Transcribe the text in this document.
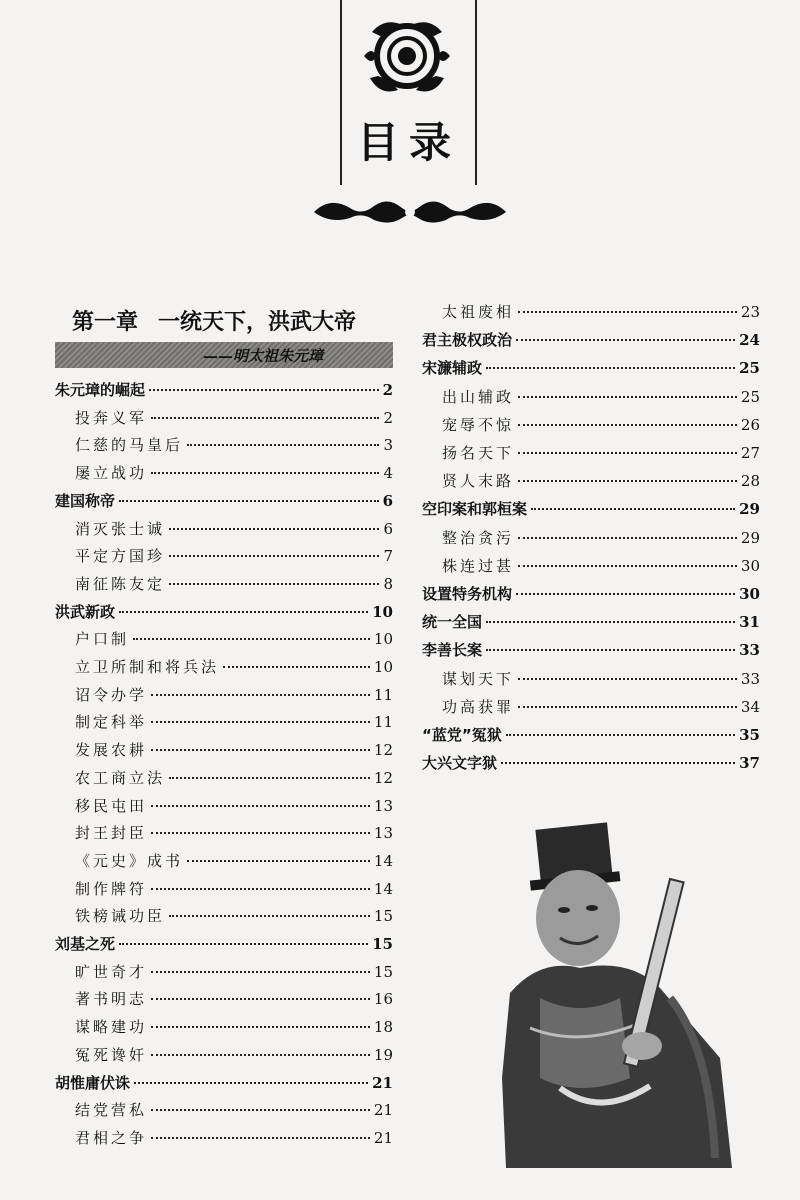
目录
第一章 一统天下，洪武大帝
——明太祖朱元璋
朱元璋的崛起	2
投奔义军	2
仁慈的马皇后	3
屡立战功	4
建国称帝	6
消灭张士诚	6
平定方国珍	7
南征陈友定	8
洪武新政	10
户口制	10
立卫所制和将兵法	10
诏令办学	11
制定科举	11
发展农耕	12
农工商立法	12
移民屯田	13
封王封臣	13
《元史》成书	14
制作牌符	14
铁榜诫功臣	15
刘基之死	15
旷世奇才	15
著书明志	16
谋略建功	18
冤死谗奸	19
胡惟庸伏诛	21
结党营私	21
君相之争	21
太祖废相	23
君主极权政治	24
宋濂辅政	25
出山辅政	25
宠辱不惊	26
扬名天下	27
贤人末路	28
空印案和郭桓案	29
整治贪污	29
株连过甚	30
设置特务机构	30
统一全国	31
李善长案	33
谋划天下	33
功高获罪	34
“蓝党”冤狱	35
大兴文字狱	37
